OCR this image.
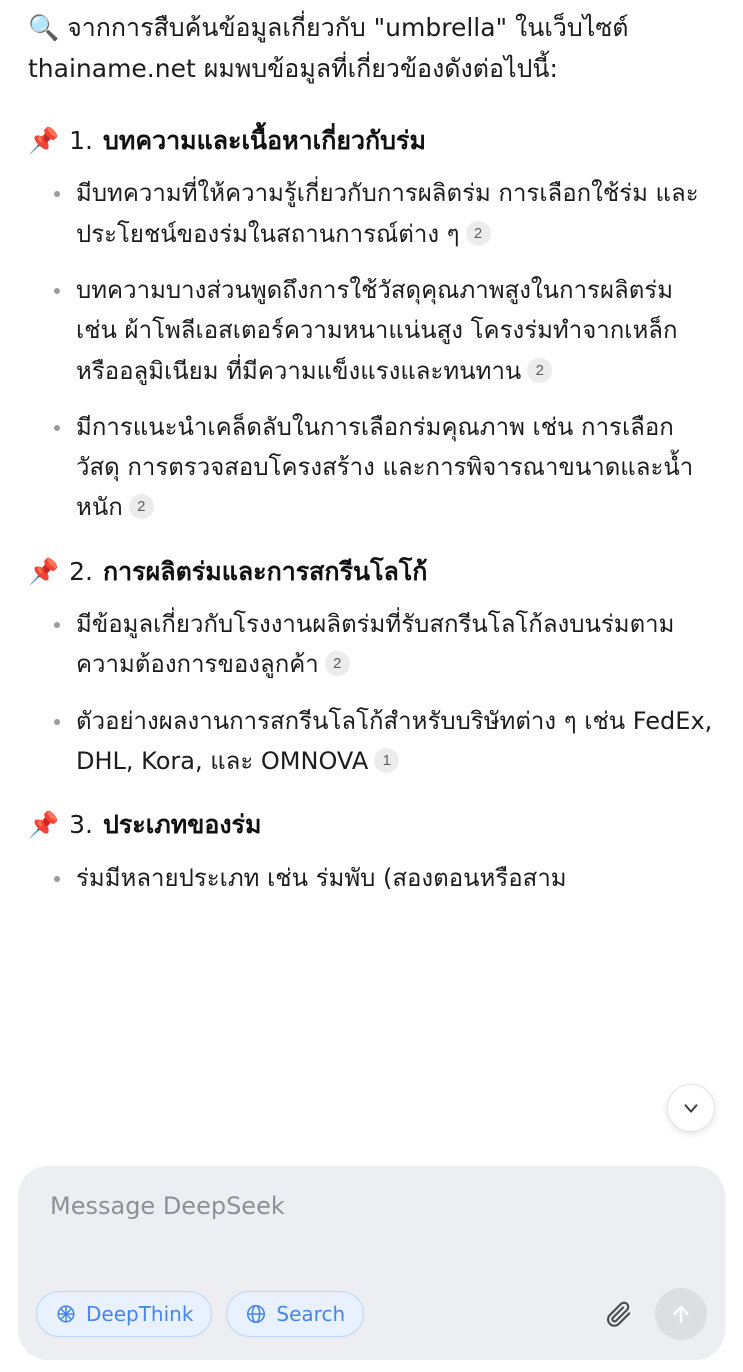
🔍 จากการสืบค้นข้อมูลเกี่ยวกับ "umbrella" ในเว็บไซต์ thainame.net ผมพบข้อมูลที่เกี่ยวข้องดังต่อไปนี้:

📌 1. บทความและเนื้อหาเกี่ยวกับร่ม
มีบทความที่ให้ความรู้เกี่ยวกับการผลิตร่ม การเลือกใช้ร่ม และประโยชน์ของร่มในสถานการณ์ต่าง ๆ 2
บทความบางส่วนพูดถึงการใช้วัสดุคุณภาพสูงในการผลิตร่ม เช่น ผ้าโพลีเอสเตอร์ความหนาแน่นสูง โครงร่มทำจากเหล็กหรืออลูมิเนียม ที่มีความแข็งแรงและทนทาน 2
มีการแนะนำเคล็ดลับในการเลือกร่มคุณภาพ เช่น การเลือกวัสดุ การตรวจสอบโครงสร้าง และการพิจารณาขนาดและน้ำหนัก 2
📌 2. การผลิตร่มและการสกรีนโลโก้
มีข้อมูลเกี่ยวกับโรงงานผลิตร่มที่รับสกรีนโลโก้ลงบนร่มตามความต้องการของลูกค้า 2
ตัวอย่างผลงานการสกรีนโลโก้สำหรับบริษัทต่าง ๆ เช่น FedEx, DHL, Kora, และ OMNOVA 1
📌 3. ประเภทของร่ม
ร่มมีหลายประเภท เช่น ร่มพับ (สองตอนหรือสาม
Message DeepSeek
DeepThink	Search
